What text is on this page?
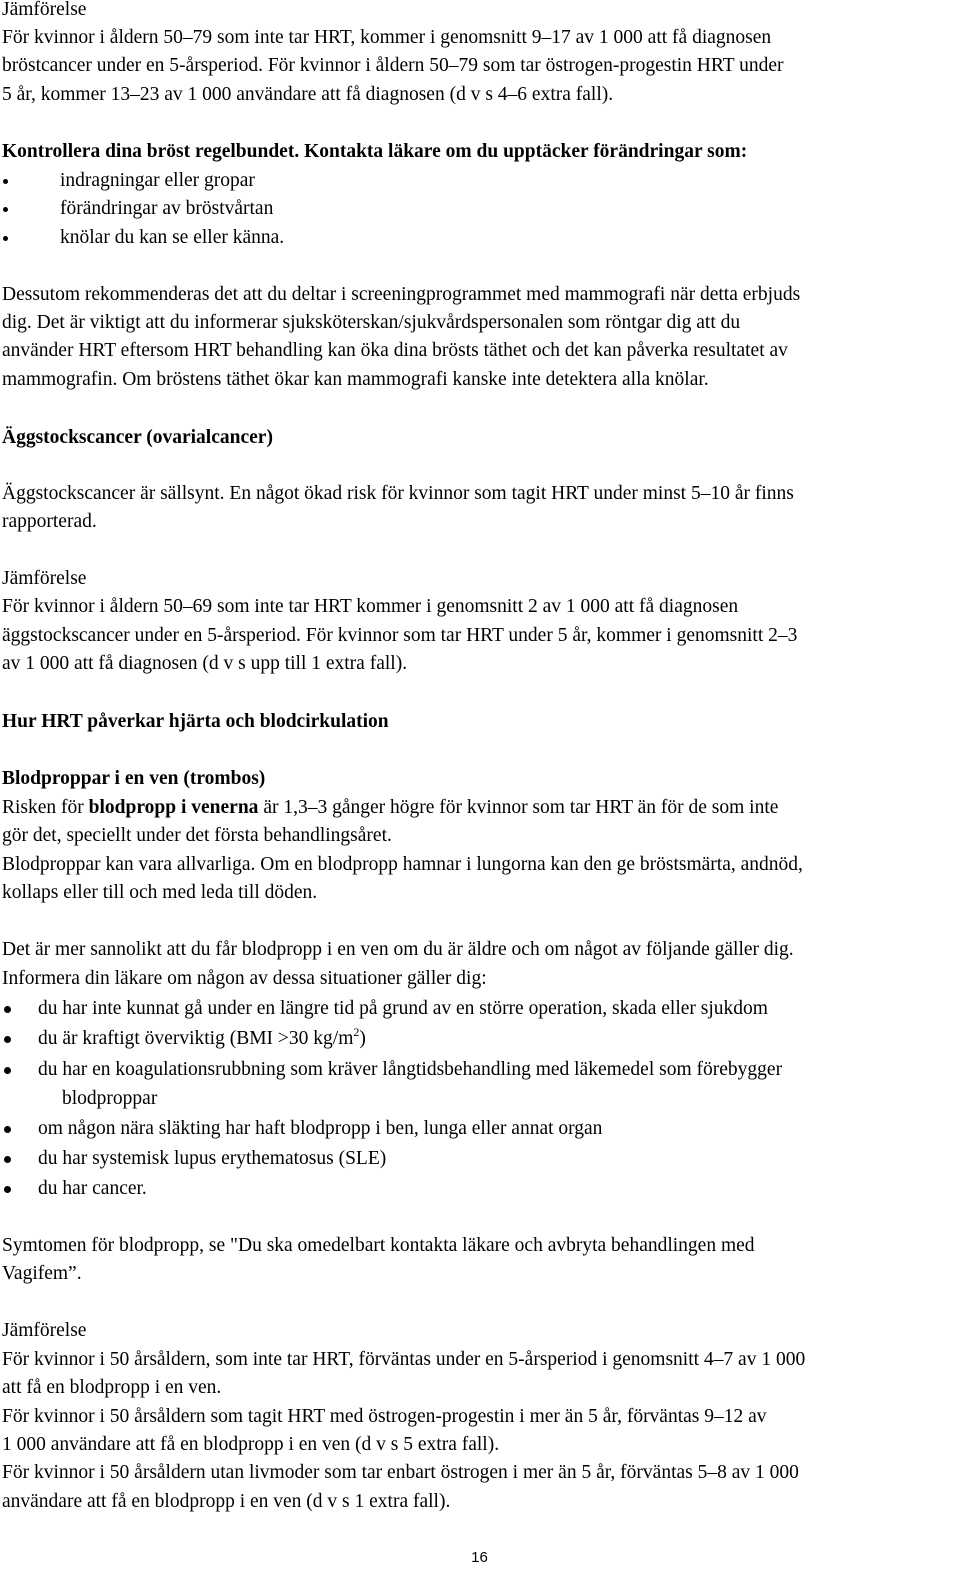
Jämförelse
För kvinnor i åldern 50–79 som inte tar HRT, kommer i genomsnitt 9–17 av 1 000 att få diagnosen
bröstcancer under en 5-årsperiod. För kvinnor i åldern 50–79 som tar östrogen-progestin HRT under
5 år, kommer 13–23 av 1 000 användare att få diagnosen (d v s 4–6 extra fall).
Kontrollera dina bröst regelbundet. Kontakta läkare om du upptäcker förändringar som:
indragningar eller gropar
förändringar av bröstvårtan
knölar du kan se eller känna.
Dessutom rekommenderas det att du deltar i screeningprogrammet med mammografi när detta erbjuds
dig. Det är viktigt att du informerar sjuksköterskan/sjukvårdspersonalen som röntgar dig att du
använder HRT eftersom HRT behandling kan öka dina brösts täthet och det kan påverka resultatet av
mammografin. Om bröstens täthet ökar kan mammografi kanske inte detektera alla knölar.
Äggstockscancer (ovarialcancer)
Äggstockscancer är sällsynt. En något ökad risk för kvinnor som tagit HRT under minst 5–10 år finns
rapporterad.
Jämförelse
För kvinnor i åldern 50–69 som inte tar HRT kommer i genomsnitt 2 av 1 000 att få diagnosen
äggstockscancer under en 5-årsperiod. För kvinnor som tar HRT under 5 år, kommer i genomsnitt 2–3
av 1 000 att få diagnosen (d v s upp till 1 extra fall).
Hur HRT påverkar hjärta och blodcirkulation
Blodproppar i en ven (trombos)
Risken för blodpropp i venerna är 1,3–3 gånger högre för kvinnor som tar HRT än för de som inte
gör det, speciellt under det första behandlingsåret.
Blodproppar kan vara allvarliga. Om en blodpropp hamnar i lungorna kan den ge bröstsmärta, andnöd,
kollaps eller till och med leda till döden.
Det är mer sannolikt att du får blodpropp i en ven om du är äldre och om något av följande gäller dig.
Informera din läkare om någon av dessa situationer gäller dig:
du har inte kunnat gå under en längre tid på grund av en större operation, skada eller sjukdom
du är kraftigt överviktig (BMI >30 $kg/m^2$)
du har en koagulationsrubbning som kräver långtidsbehandling med läkemedel som förebygger
blodproppar
om någon nära släkting har haft blodpropp i ben, lunga eller annat organ
du har systemisk lupus erythematosus (SLE)
du har cancer.
Symtomen för blodpropp, se "Du ska omedelbart kontakta läkare och avbryta behandlingen med
Vagifem”.
Jämförelse
För kvinnor i 50 årsåldern, som inte tar HRT, förväntas under en 5-årsperiod i genomsnitt 4–7 av 1 000
att få en blodpropp i en ven.
För kvinnor i 50 årsåldern som tagit HRT med östrogen-progestin i mer än 5 år, förväntas 9–12 av
1 000 användare att få en blodpropp i en ven (d v s 5 extra fall).
För kvinnor i 50 årsåldern utan livmoder som tar enbart östrogen i mer än 5 år, förväntas 5–8 av 1 000
användare att få en blodpropp i en ven (d v s 1 extra fall).
16
